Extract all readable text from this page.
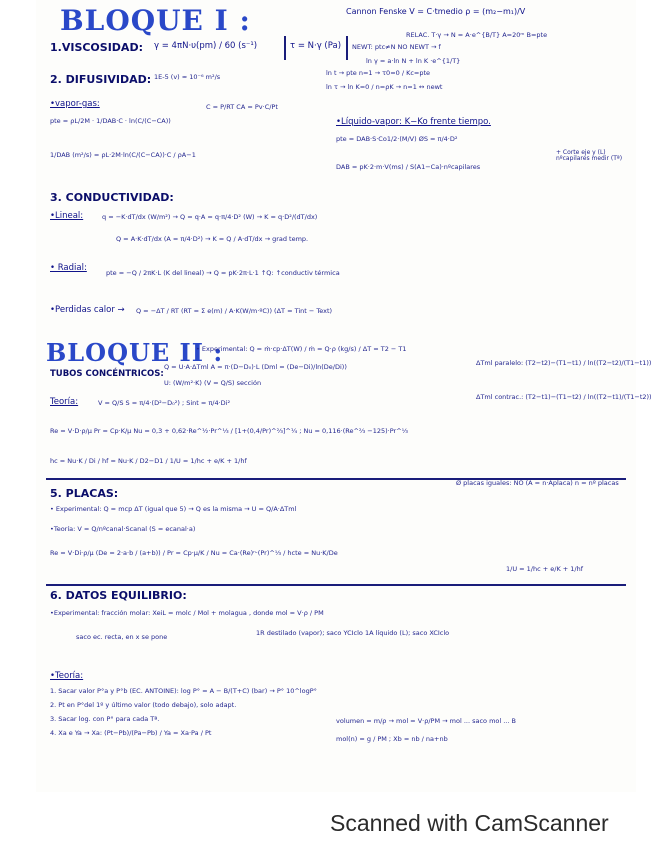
BLOQUE I :	Cannon Fenske V = C·tmedio ρ = (m₂−m₁)/V
RELAC. T·γ → N = A·e^{B/T} A=20ᵐ B=pte
1.VISCOSIDAD: γ = 4πN·υ(pm) / 60 (s⁻¹)	τ = N·γ (Pa) NEWT: ptc≠N NO NEWT → f
ln γ = a·ln N + ln K ·e^{1/T}
2. DIFUSIVIDAD: 1E-5 (v) ≈ 10⁻⁶ m²/s	ln t → pte n=1 → τ0=0 / Kc=pte
ln τ → ln K=0 / n=ρK → n=1 ↔ newt
•vapor-gas:
pte = ρL/2M · 1/DAB·C · ln(C/(C−CA))
C = P/RT CA = Pv·C/Pt
1/DAB (m²/s) = ρL·2M·ln(C/(C−CA))·C / ρA−1
•Líquido-vapor: K−Ko frente tiempo.
pte = DAB·S·Co1/2·(M/V) ØS = π/4·D²
DAB = pK·2·m·V(ms) / S(A1−Ca)·nºcapilares
+ Corte eje y (L) nºcapilares medir (Tª)
3. CONDUCTIVIDAD:
•Lineal:	q = −K·dT/dx (W/m²) → Q = q·A = q·π/4·D² (W) → K = q·D²/(dT/dx)
Q = A·K·dT/dx (A = π/4·D²) → K = Q / A·dT/dx → grad temp.
• Radial:	pte = −Q / 2πK·L (K del lineal) → Q = pK·2π·L·1 ↑Q: ↑conductiv térmica
•Perdidas calor → Q = −ΔT / RT (RT = Σ e(m) / A·K(W/m·ºC)) (ΔT = Tint − Text)
BLOQUE II :
• Experimental: Q = ṁ·cp·ΔT(W) / ṁ = Q·ρ (kg/s) / ΔT = T2 − T1
TUBOS CONCÉNTRICOS:
Q = U·A·ΔTml A = π·(D−D₀)·L (Dml = (De−Di)/ln(De/Di))
U: (W/m²·K) (V = Q/S) sección
ΔTml paralelo: (T2−t2)−(T1−t1) / ln((T2−t2)/(T1−t1))
ΔTml contrac.: (T2−t1)−(T1−t2) / ln((T2−t1)/(T1−t2))
Teoría:	V = Q/S S = π/4·(D²−D₀²) ; Sint = π/4·Di²
Re = V·D·ρ/μ Pr = Cp·K/μ Nu = 0,3 + 0,62·Re^½·Pr^⅓ / [1+(0,4/Pr)^⅔]^¼ ; Nu = 0,116·(Re^⅔ −125)·Pr^⅓
hc = Nu·K / Di / hf = Nu·K / D2−D1 / 1/U = 1/hc + e/K + 1/hf
5. PLACAS:
Ø placas iguales: NO (A = n·Aplaca) n = nº placas
• Experimental: Q = mcp ΔT (igual que 5) → Q es la misma → U = Q/A·ΔTml
•Teoría: V = Q/nºcanal·Scanal (S = ecanal·a)
Re = V·Di·ρ/μ (De = 2·a·b / (a+b)) / Pr = Cp·μ/K / Nu = Ca·(Re)ⁿ·(Pr)^⅓ / hcte = Nu·K/De
1/U = 1/hc + e/K + 1/hf
6. DATOS EQUILIBRIO:
•Experimental: fracción molar: XeiL = molc / Mol + molagua , donde mol = V·ρ / PM
saco ec. recta, en x se pone	1R destilado (vapor); saco YCIclo 1A líquido (L); saco XCIclo
•Teoría:
1. Sacar valor P°a y P°b (EC. ANTOINE): log P° = A − B/(T+C) (bar) → P° 10^logP°
2. Pt en P°del 1º y último valor (todo debajo), solo adapt.
3. Sacar log. con P° para cada Tª.
4. Xa e Ya → Xa: (Pt−Pb)/(Pa−Pb) / Ya = Xa·Pa / Pt
volumen = m/ρ → mol = V·ρ/PM → mol ... saco mol ... B
mol(n) = g / PM ; Xb = nb / na+nb
Scanned with CamScanner
